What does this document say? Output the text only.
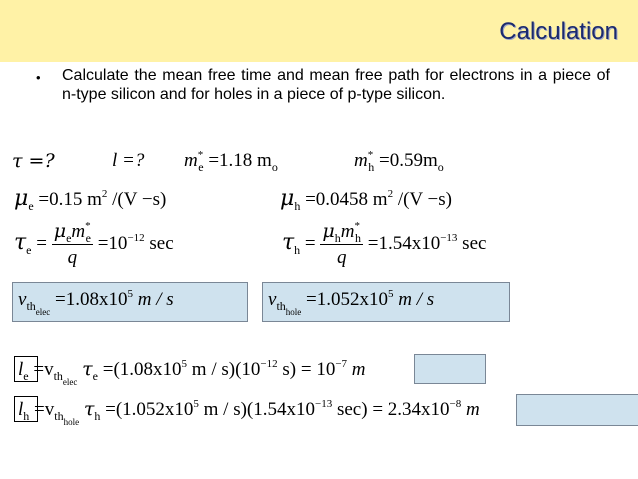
Calculation
• Calculate the mean free time and mean free path for electrons in a piece of n-type silicon and for holes in a piece of p-type silicon.
τ =?	l =? $m^*_e =1.18$ $m_o$	$m^*_h =0.59m_o$
$\mu_e =0.15$ $m^2$ /(V −s)	$\mu_h =0.0458$ $m^2$ /(V −s)
$\tau_e = \frac{\mu_em^*_e}{q} =10^{-12}$ sec	$\tau_h = \frac{\mu_hm^*_h}{q} =1.54x10^{-13}$ sec
$v_{thelec} =1.08x10^5$ m / s	$v_{thhole} =1.052x10^5$ m / s
$l_e =v_{thelec}$ $\tau_e =(1.08x10^5$ m / $s)(10^{-12}$ $s) = 10^{-7}$ m
$l_h =v_{thhole}$ $\tau_h =(1.052x10^5$ m / $s)(1.54x10^{-13}$ $\sec) = 2.34x10^{-8}$ m
